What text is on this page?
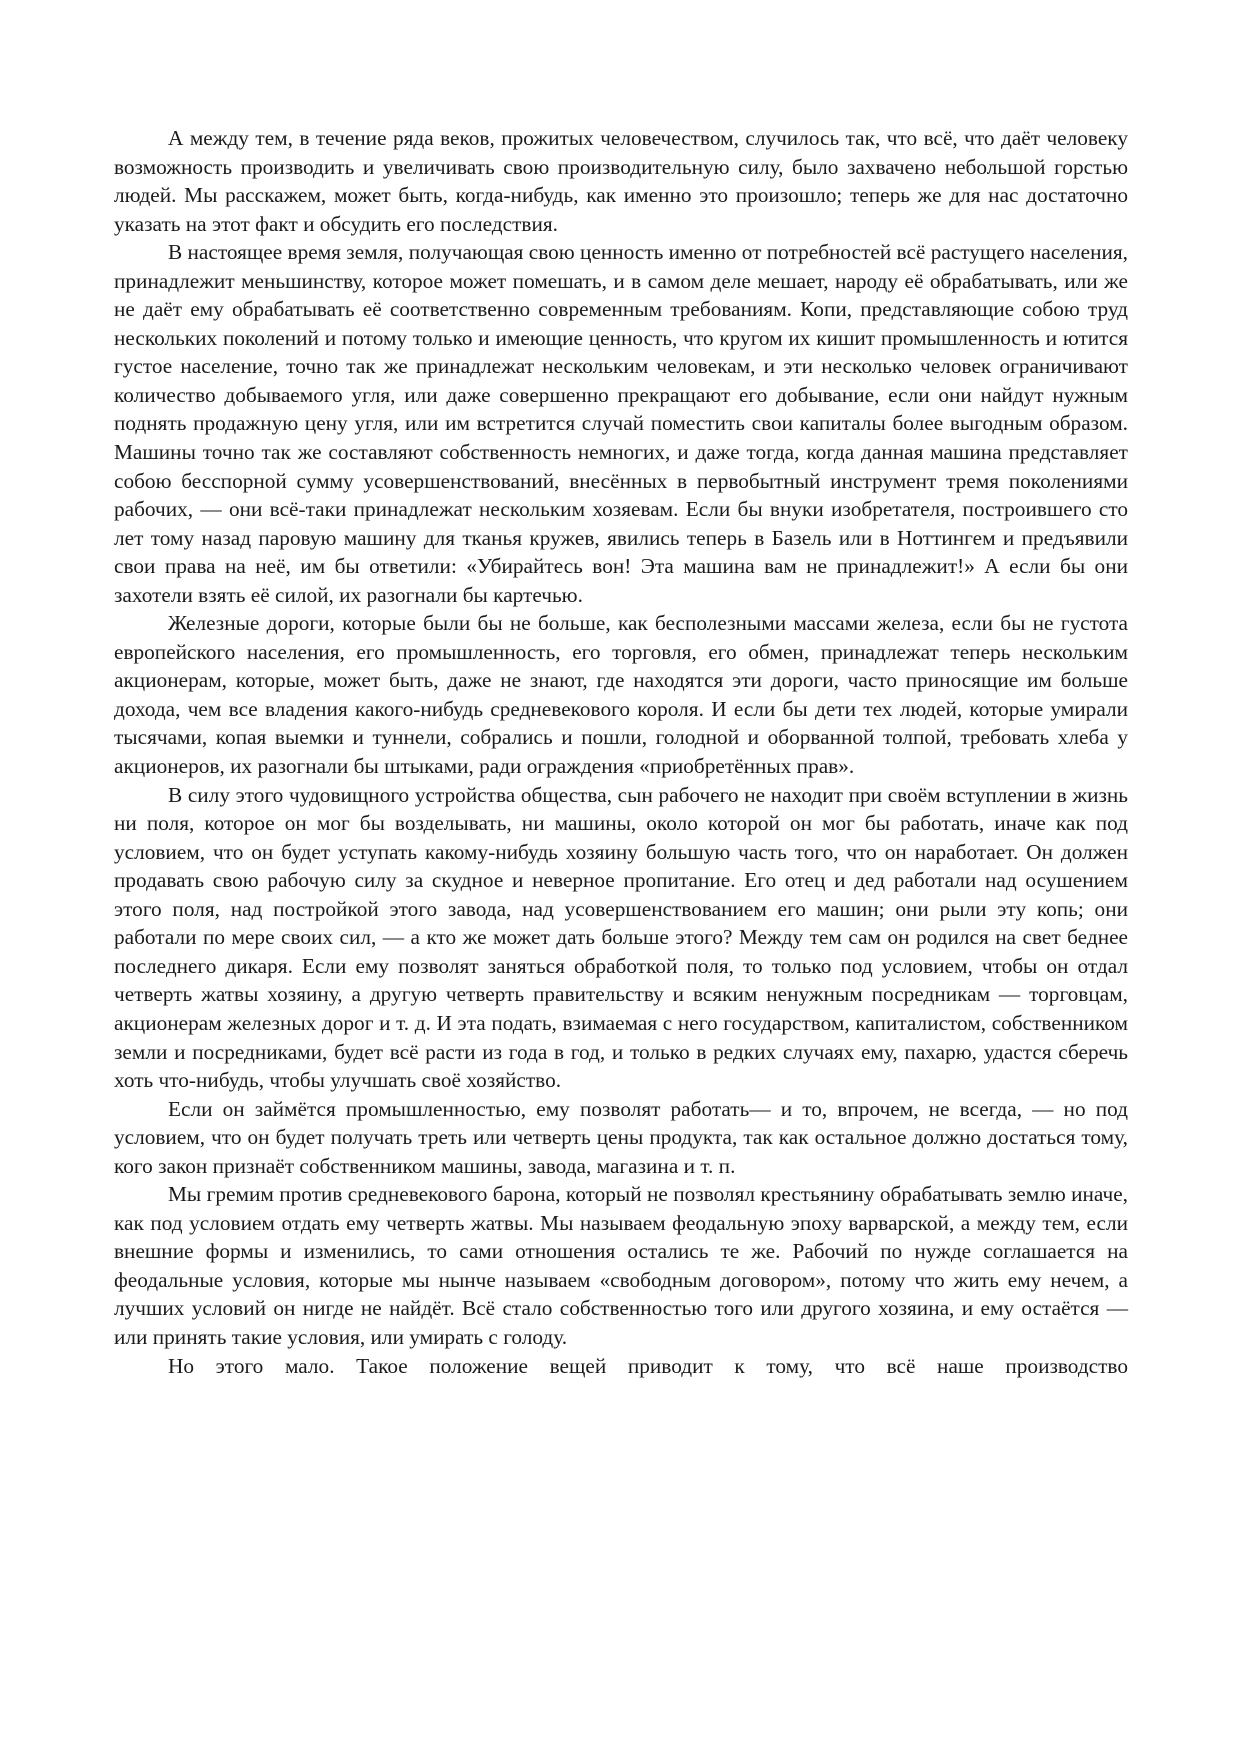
А между тем, в течение ряда веков, прожитых человечеством, случилось так, что всё, что даёт человеку возможность производить и увеличивать свою производительную силу, было захвачено небольшой горстью людей. Мы расскажем, может быть, когда-нибудь, как именно это произошло; теперь же для нас достаточно указать на этот факт и обсудить его последствия.

В настоящее время земля, получающая свою ценность именно от потребностей всё растущего населения, принадлежит меньшинству, которое может помешать, и в самом деле мешает, народу её обрабатывать, или же не даёт ему обрабатывать её соответственно современным требованиям. Копи, представляющие собою труд нескольких поколений и потому только и имеющие ценность, что кругом их кишит промышленность и ютится густое население, точно так же принадлежат нескольким человекам, и эти несколько человек ограничивают количество добываемого угля, или даже совершенно прекращают его добывание, если они найдут нужным поднять продажную цену угля, или им встретится случай поместить свои капиталы более выгодным образом. Машины точно так же составляют собственность немногих, и даже тогда, когда данная машина представляет собою бесспорной сумму усовершенствований, внесённых в первобытный инструмент тремя поколениями рабочих, — они всё-таки принадлежат нескольким хозяевам. Если бы внуки изобретателя, построившего сто лет тому назад паровую машину для тканья кружев, явились теперь в Базель или в Ноттингем и предъявили свои права на неё, им бы ответили: «Убирайтесь вон! Эта машина вам не принадлежит!» А если бы они захотели взять её силой, их разогнали бы картечью.

Железные дороги, которые были бы не больше, как бесполезными массами железа, если бы не густота европейского населения, его промышленность, его торговля, его обмен, принадлежат теперь нескольким акционерам, которые, может быть, даже не знают, где находятся эти дороги, часто приносящие им больше дохода, чем все владения какого-нибудь средневекового короля. И если бы дети тех людей, которые умирали тысячами, копая выемки и туннели, собрались и пошли, голодной и оборванной толпой, требовать хлеба у акционеров, их разогнали бы штыками, ради ограждения «приобретённых прав».

В силу этого чудовищного устройства общества, сын рабочего не находит при своём вступлении в жизнь ни поля, которое он мог бы возделывать, ни машины, около которой он мог бы работать, иначе как под условием, что он будет уступать какому-нибудь хозяину большую часть того, что он наработает. Он должен продавать свою рабочую силу за скудное и неверное пропитание. Его отец и дед работали над осушением этого поля, над постройкой этого завода, над усовершенствованием его машин; они рыли эту копь; они работали по мере своих сил, — а кто же может дать больше этого? Между тем сам он родился на свет беднее последнего дикаря. Если ему позволят заняться обработкой поля, то только под условием, чтобы он отдал четверть жатвы хозяину, а другую четверть правительству и всяким ненужным посредникам — торговцам, акционерам железных дорог и т. д. И эта подать, взимаемая с него государством, капиталистом, собственником земли и посредниками, будет всё расти из года в год, и только в редких случаях ему, пахарю, удастся сберечь хоть что-нибудь, чтобы улучшать своё хозяйство.

Если он займётся промышленностью, ему позволят работать— и то, впрочем, не всегда, — но под условием, что он будет получать треть или четверть цены продукта, так как остальное должно достаться тому, кого закон признаёт собственником машины, завода, магазина и т. п.

Мы гремим против средневекового барона, который не позволял крестьянину обрабатывать землю иначе, как под условием отдать ему четверть жатвы. Мы называем феодальную эпоху варварской, а между тем, если внешние формы и изменились, то сами отношения остались те же. Рабочий по нужде соглашается на феодальные условия, которые мы нынче называем «свободным договором», потому что жить ему нечем, а лучших условий он нигде не найдёт. Всё стало собственностью того или другого хозяина, и ему остаётся — или принять такие условия, или умирать с голоду.

Но этого мало. Такое положение вещей приводит к тому, что всё наше производство
